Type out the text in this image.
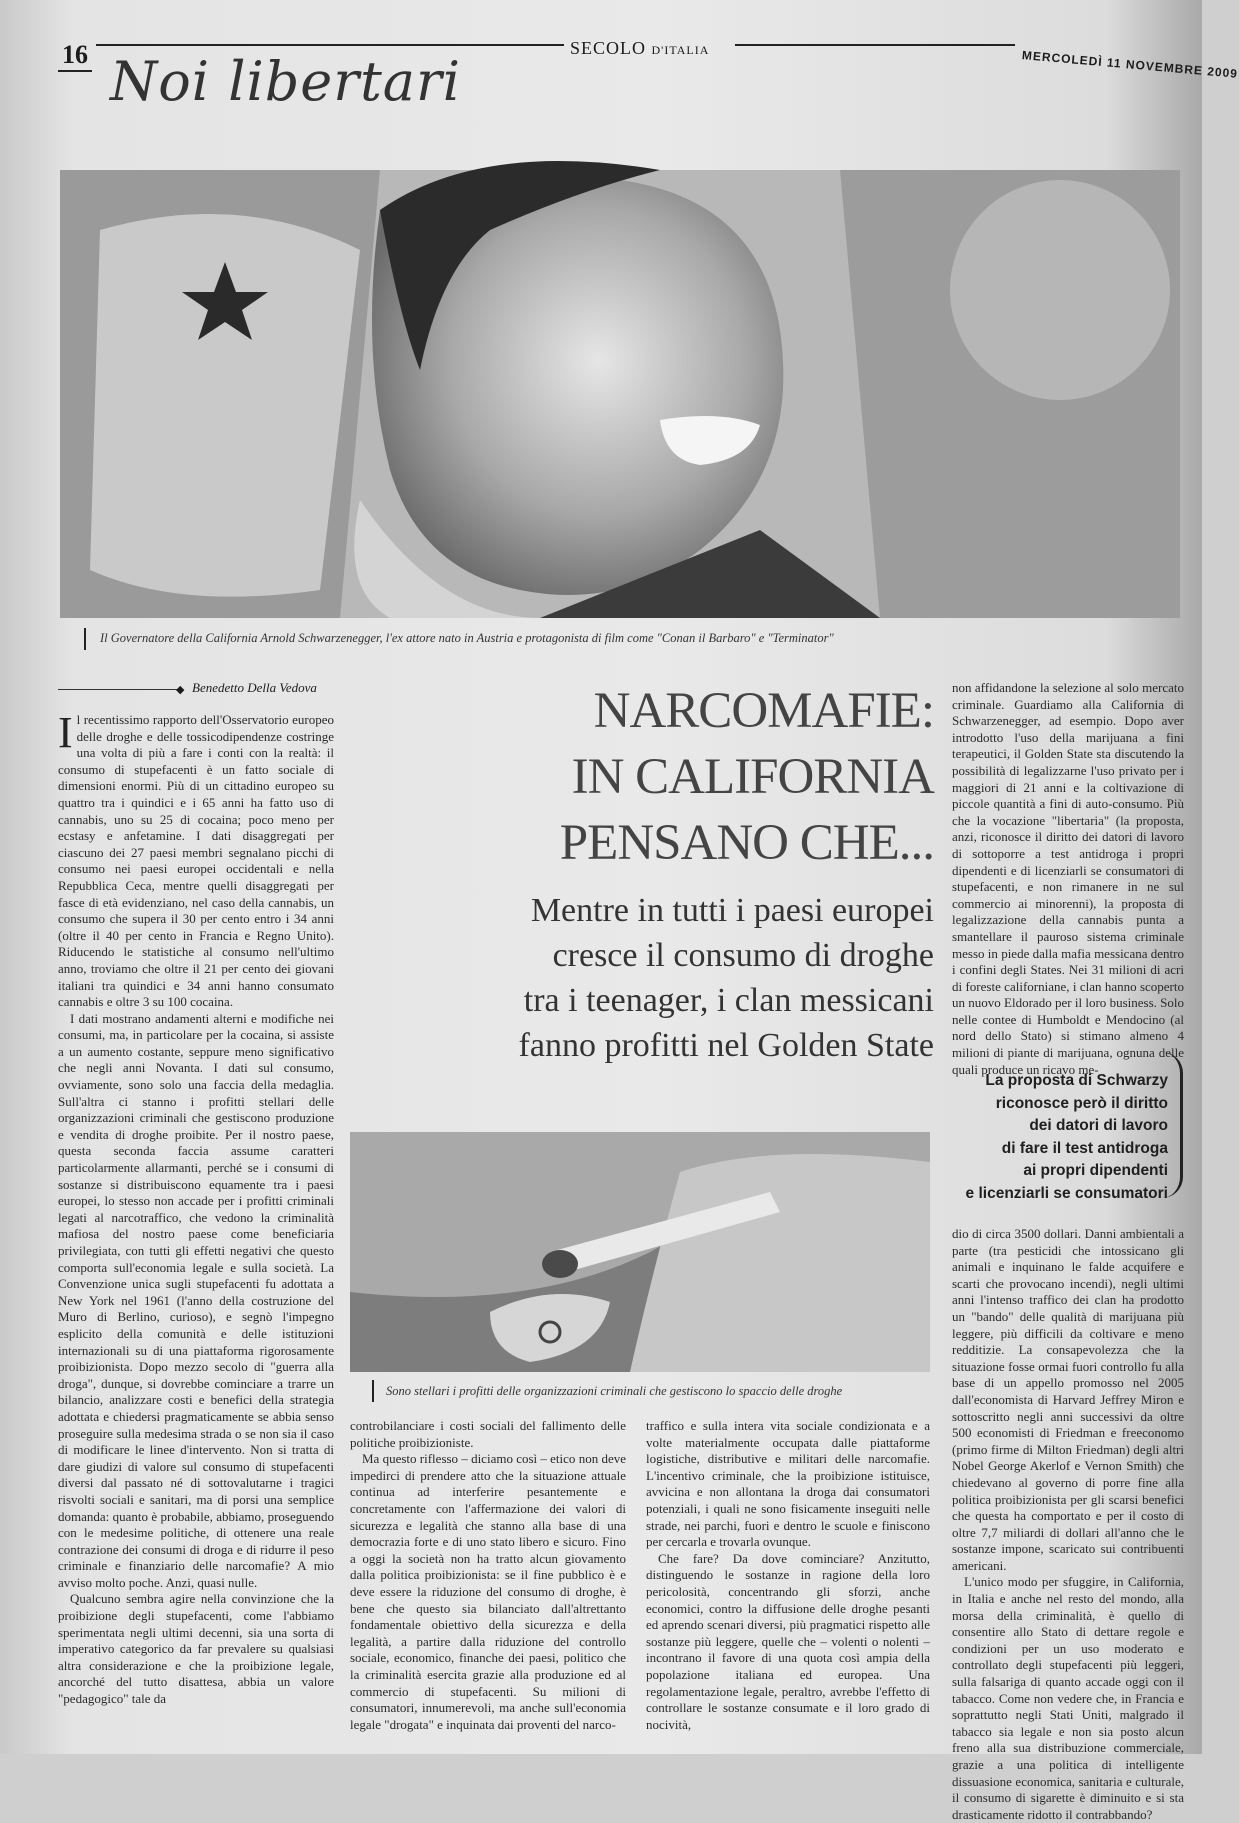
16	SECOLO D'ITALIA	MERCOLEDÌ 11 NOVEMBRE 2009
Noi libertari
Il Governatore della California Arnold Schwarzenegger, l'ex attore nato in Austria e protagonista di film come "Conan il Barbaro" e "Terminator"
◆ Benedetto Della Vedova	NARCOMAFIE:
IN CALIFORNIA
PENSANO CHE...
Mentre in tutti i paesi europei
cresce il consumo di droghe
tra i teenager, i clan messicani
fanno profitti nel Golden State

Il recentissimo rapporto dell'Osservatorio europeo delle droghe e delle tossicodipendenze costringe una volta di più a fare i conti con la realtà: il consumo di stupefacenti è un fatto sociale di dimensioni enormi. Più di un cittadino europeo su quattro tra i quindici e i 65 anni ha fatto uso di cannabis, uno su 25 di cocaina; poco meno per ecstasy e anfetamine. I dati disaggregati per ciascuno dei 27 paesi membri segnalano picchi di consumo nei paesi europei occidentali e nella Repubblica Ceca, mentre quelli disaggregati per fasce di età evidenziano, nel caso della cannabis, un consumo che supera il 30 per cento entro i 34 anni (oltre il 40 per cento in Francia e Regno Unito). Riducendo le statistiche al consumo nell'ultimo anno, troviamo che oltre il 21 per cento dei giovani italiani tra quindici e 34 anni hanno consumato cannabis e oltre 3 su 100 cocaina.

I dati mostrano andamenti alterni e modifiche nei consumi, ma, in particolare per la cocaina, si assiste a un aumento costante, seppure meno significativo che negli anni Novanta. I dati sul consumo, ovviamente, sono solo una faccia della medaglia. Sull'altra ci stanno i profitti stellari delle organizzazioni criminali che gestiscono produzione e vendita di droghe proibite. Per il nostro paese, questa seconda faccia assume caratteri particolarmente allarmanti, perché se i consumi di sostanze si distribuiscono equamente tra i paesi europei, lo stesso non accade per i profitti criminali legati al narcotraffico, che vedono la criminalità mafiosa del nostro paese come beneficiaria privilegiata, con tutti gli effetti negativi che questo comporta sull'economia legale e sulla società. La Convenzione unica sugli stupefacenti fu adottata a New York nel 1961 (l'anno della costruzione del Muro di Berlino, curioso), e segnò l'impegno esplicito della comunità e delle istituzioni internazionali su di una piattaforma rigorosamente proibizionista. Dopo mezzo secolo di "guerra alla droga", dunque, si dovrebbe cominciare a trarre un bilancio, analizzare costi e benefici della strategia adottata e chiedersi pragmaticamente se abbia senso proseguire sulla medesima strada o se non sia il caso di modificare le linee d'intervento. Non si tratta di dare giudizi di valore sul consumo di stupefacenti diversi dal passato né di sottovalutarne i tragici risvolti sociali e sanitari, ma di porsi una semplice domanda: quanto è probabile, abbiamo, proseguendo con le medesime politiche, di ottenere una reale contrazione dei consumi di droga e di ridurre il peso criminale e finanziario delle narcomafie? A mio avviso molto poche. Anzi, quasi nulle.

Qualcuno sembra agire nella convinzione che la proibizione degli stupefacenti, come l'abbiamo sperimentata negli ultimi decenni, sia una sorta di imperativo categorico da far prevalere su qualsiasi altra considerazione e che la proibizione legale, ancorché del tutto disattesa, abbia un valore "pedagogico" tale da

Sono stellari i profitti delle organizzazioni criminali che gestiscono lo spaccio delle droghe

controbilanciare i costi sociali del fallimento delle politiche proibizioniste.

Ma questo riflesso – diciamo così – etico non deve impedirci di prendere atto che la situazione attuale continua ad interferire pesantemente e concretamente con l'affermazione dei valori di sicurezza e legalità che stanno alla base di una democrazia forte e di uno stato libero e sicuro. Fino a oggi la società non ha tratto alcun giovamento dalla politica proibizionista: se il fine pubblico è e deve essere la riduzione del consumo di droghe, è bene che questo sia bilanciato dall'altrettanto fondamentale obiettivo della sicurezza e della legalità, a partire dalla riduzione del controllo sociale, economico, finanche dei paesi, politico che la criminalità esercita grazie alla produzione ed al commercio di stupefacenti. Su milioni di consumatori, innumerevoli, ma anche sull'economia legale "drogata" e inquinata dai proventi del narco-

traffico e sulla intera vita sociale condizionata e a volte materialmente occupata dalle piattaforme logistiche, distributive e militari delle narcomafie. L'incentivo criminale, che la proibizione istituisce, avvicina e non allontana la droga dai consumatori potenziali, i quali ne sono fisicamente inseguiti nelle strade, nei parchi, fuori e dentro le scuole e finiscono per cercarla e trovarla ovunque.

Che fare? Da dove cominciare? Anzitutto, distinguendo le sostanze in ragione della loro pericolosità, concentrando gli sforzi, anche economici, contro la diffusione delle droghe pesanti ed aprendo scenari diversi, più pragmatici rispetto alle sostanze più leggere, quelle che – volenti o nolenti – incontrano il favore di una quota così ampia della popolazione italiana ed europea. Una regolamentazione legale, peraltro, avrebbe l'effetto di controllare le sostanze consumate e il loro grado di nocività,

non affidandone la selezione al solo mercato criminale. Guardiamo alla California di Schwarzenegger, ad esempio. Dopo aver introdotto l'uso della marijuana a fini terapeutici, il Golden State sta discutendo la possibilità di legalizzarne l'uso privato per i maggiori di 21 anni e la coltivazione di piccole quantità a fini di auto-consumo. Più che la vocazione "libertaria" (la proposta, anzi, riconosce il diritto dei datori di lavoro di sottoporre a test antidroga i propri dipendenti e di licenziarli se consumatori di stupefacenti, e non rimanere in ne sul commercio ai minorenni), la proposta di legalizzazione della cannabis punta a smantellare il pauroso sistema criminale messo in piede dalla mafia messicana dentro i confini degli States. Nei 31 milioni di acri di foreste californiane, i clan hanno scoperto un nuovo Eldorado per il loro business. Solo nelle contee di Humboldt e Mendocino (al nord dello Stato) si stimano almeno 4 milioni di piante di marijuana, ognuna delle quali produce un ricavo me-

La proposta di Schwarzy
riconosce però il diritto
dei datori di lavoro
di fare il test antidroga
ai propri dipendenti
e licenziarli se consumatori

dio di circa 3500 dollari. Danni ambientali a parte (tra pesticidi che intossicano gli animali e inquinano le falde acquifere e scarti che provocano incendi), negli ultimi anni l'intenso traffico dei clan ha prodotto un "bando" delle qualità di marijuana più leggere, più difficili da coltivare e meno redditizie. La consapevolezza che la situazione fosse ormai fuori controllo fu alla base di un appello promosso nel 2005 dall'economista di Harvard Jeffrey Miron e sottoscritto negli anni successivi da oltre 500 economisti di Friedman e freeconomo (primo firme di Milton Friedman) degli altri Nobel George Akerlof e Vernon Smith) che chiedevano al governo di porre fine alla politica proibizionista per gli scarsi benefici che questa ha comportato e per il costo di oltre 7,7 miliardi di dollari all'anno che le sostanze impone, scaricato sui contribuenti americani.

L'unico modo per sfuggire, in California, in Italia e anche nel resto del mondo, alla morsa della criminalità, è quello di consentire allo Stato di dettare regole e condizioni per un uso moderato e controllato degli stupefacenti più leggeri, sulla falsariga di quanto accade oggi con il tabacco. Come non vedere che, in Francia e soprattutto negli Stati Uniti, malgrado il tabacco sia legale e non sia posto alcun freno alla sua distribuzione commerciale, grazie a una politica di intelligente dissuasione economica, sanitaria e culturale, il consumo di sigarette è diminuito e si sta drasticamente ridotto il contrabbando?
